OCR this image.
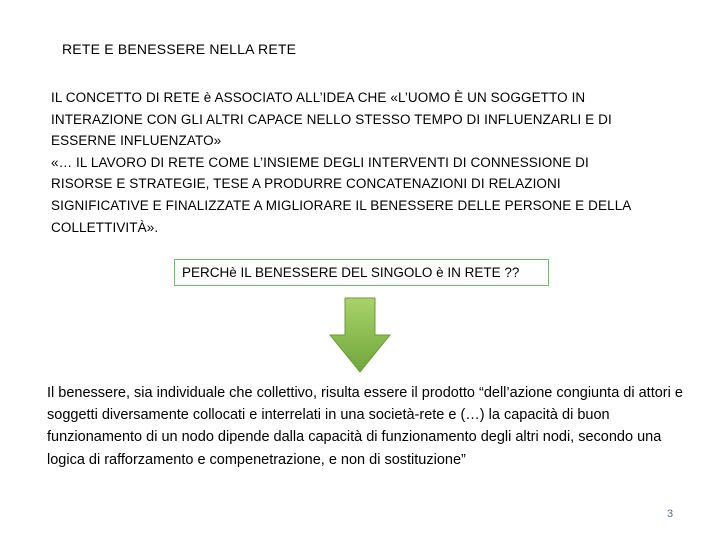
RETE E BENESSERE NELLA RETE

IL CONCETTO DI RETE è ASSOCIATO ALL’IDEA CHE «L’UOMO È UN SOGGETTO IN INTERAZIONE CON GLI ALTRI CAPACE NELLO STESSO TEMPO DI INFLUENZARLI E DI ESSERNE INFLUENZATO»

«… IL LAVORO DI RETE COME L’INSIEME DEGLI INTERVENTI DI CONNESSIONE DI RISORSE E STRATEGIE, TESE A PRODURRE CONCATENAZIONI DI RELAZIONI SIGNIFICATIVE E FINALIZZATE A MIGLIORARE IL BENESSERE DELLE PERSONE E DELLA COLLETTIVITÀ».

PERCHè IL BENESSERE DEL SINGOLO è IN RETE ??
Il benessere, sia individuale che collettivo, risulta essere il prodotto “dell’azione congiunta di attori e soggetti diversamente collocati e interrelati in una società-rete e (…) la capacità di buon funzionamento di un nodo dipende dalla capacità di funzionamento degli altri nodi, secondo una logica di rafforzamento e compenetrazione, e non di sostituzione”
3
